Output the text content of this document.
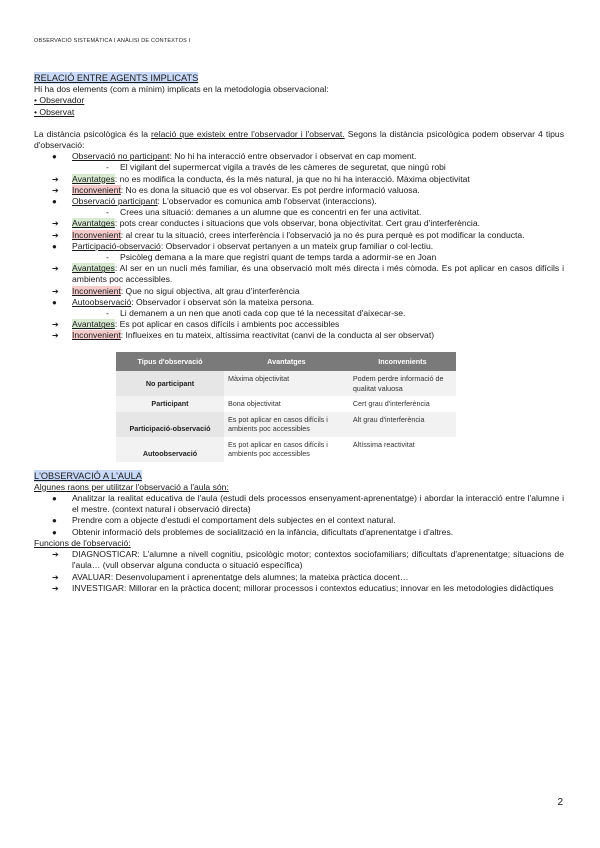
OBSERVACIÓ SISTEMÀTICA I ANÀLISI DE CONTEXTOS I
RELACIÓ ENTRE AGENTS IMPLICATS
Hi ha dos elements (com a mínim) implicats en la metodologia observacional:
• Observador
• Observat
La distància psicològica és la relació que existeix entre l'observador i l'observat. Segons la distància psicològica podem observar 4 tipus d'observació:
● Observació no participant: No hi ha interacció entre observador i observat en cap moment.
- El vigilant del supermercat vigila a través de les càmeres de seguretat, que ningú robi
➔ Avantatges: no es modifica la conducta, és la més natural, ja que no hi ha interacció. Màxima objectivitat
➔ Inconvenient: No es dona la situació que es vol observar. Es pot perdre informació valuosa.
● Observació participant: L'observador es comunica amb l'observat (interaccions).
- Crees una situació: demanes a un alumne que es concentri en fer una activitat.
➔ Avantatges: pots crear conductes i situacions que vols observar, bona objectivitat. Cert grau d'interferència.
➔ Inconvenient: al crear tu la situació, crees interferència i l'observació ja no és pura perquè es pot modificar la conducta.
● Participació-observació: Observador i observat pertanyen a un mateix grup familiar o col·lectiu.
- Psicòleg demana a la mare que registri quant de temps tarda a adormir-se en Joan
➔ Avantatges: Al ser en un nucli més familiar, és una observació molt més directa i més còmoda. Es pot aplicar en casos difícils i ambients poc accessibles.
➔ Inconvenient: Que no sigui objectiva, alt grau d'interferència
● Autoobservació: Observador i observat són la mateixa persona.
- Li demanem a un nen que anoti cada cop que té la necessitat d'aixecar-se.
➔ Avantatges: Es pot aplicar en casos difícils i ambients poc accessibles
➔ Inconvenient: Influeixes en tu mateix, altíssima reactivitat (canvi de la conducta al ser observat)
Tipus d'observació	Avantatges	Inconvenients
No participant	Màxima objectivitat	Podem perdre informació de qualitat valuosa
Participant	Bona objectivitat	Cert grau d'interferència
Participació-observació	Es pot aplicar en casos difícils i ambients poc accessibles	Alt grau d'interferència
Autoobservació	Es pot aplicar en casos difícils i ambients poc accessibles	Altíssima reactivitat
L'OBSERVACIÓ A L'AULA
Algunes raons per utilitzar l'observació a l'aula són:
● Analitzar la realitat educativa de l'aula (estudi dels processos ensenyament-aprenentatge) i abordar la interacció entre l'alumne i el mestre. (context natural i observació directa)
● Prendre com a objecte d'estudi el comportament dels subjectes en el context natural.
● Obtenir informació dels problemes de socialització en la infància, dificultats d'aprenentatge i d'altres.
Funcions de l'observació:
➔ DIAGNOSTICAR: L'alumne a nivell cognitiu, psicològic motor; contextos sociofamiliars; dificultats d'aprenentatge; situacions de l'aula… (vull observar alguna conducta o situació específica)
➔ AVALUAR: Desenvolupament i aprenentatge dels alumnes; la mateixa pràctica docent…
➔ INVESTIGAR: Millorar en la pràctica docent; millorar processos i contextos educatius; innovar en les metodologies didàctiques
2
